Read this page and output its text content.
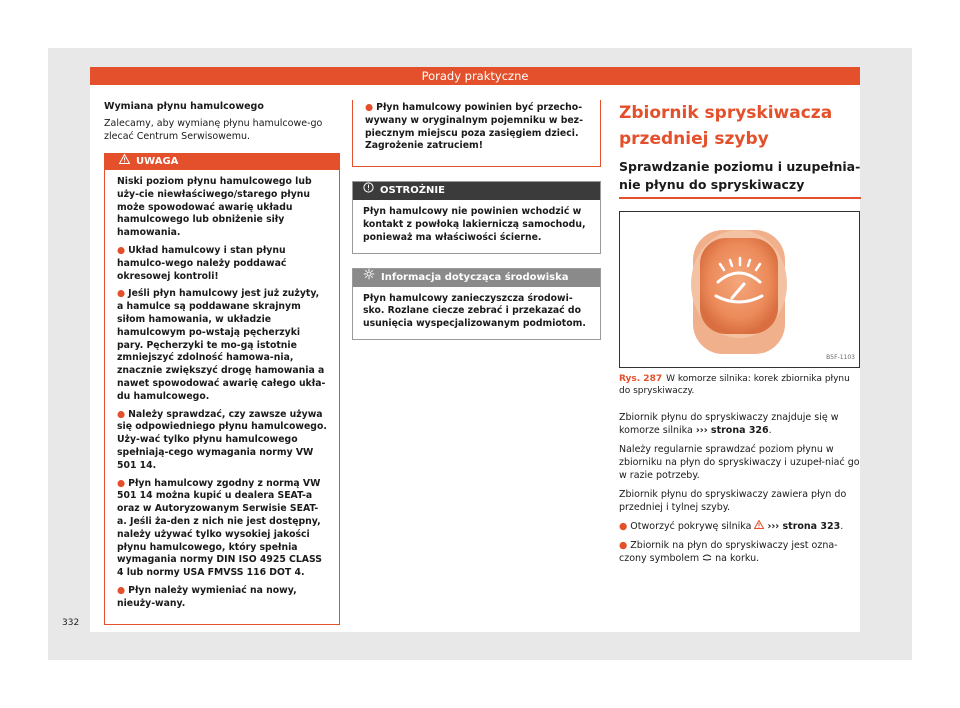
Porady praktyczne

Wymiana płynu hamulcowego

Zalecamy, aby wymianę płynu hamulcowe-go zlecać Centrum Serwisowemu.

UWAGA

Niski poziom płynu hamulcowego lub uży-cie niewłaściwego/starego płynu może spowodować awarię układu hamulcowego lub obniżenie siły hamowania.

● Układ hamulcowy i stan płynu hamulco-wego należy poddawać okresowej kontroli!

● Jeśli płyn hamulcowy jest już zużyty, a hamulce są poddawane skrajnym siłom hamowania, w układzie hamulcowym po-wstają pęcherzyki pary. Pęcherzyki te mo-gą istotnie zmniejszyć zdolność hamowa-nia, znacznie zwiększyć drogę hamowania a nawet spowodować awarię całego ukła-du hamulcowego.

● Należy sprawdzać, czy zawsze używa się odpowiedniego płynu hamulcowego. Uży-wać tylko płynu hamulcowego spełniają-cego wymagania normy VW 501 14.

● Płyn hamulcowy zgodny z normą VW 501 14 można kupić u dealera SEAT-a oraz w Autoryzowanym Serwisie SEAT-a. Jeśli ża-den z nich nie jest dostępny, należy używać tylko wysokiej jakości płynu hamulcowego, który spełnia wymagania normy DIN ISO 4925 CLASS 4 lub normy USA FMVSS 116 DOT 4.

● Płyn należy wymieniać na nowy, nieuży-wany.

● Płyn hamulcowy powinien być przecho-wywany w oryginalnym pojemniku w bez-piecznym miejscu poza zasięgiem dzieci. Zagrożenie zatruciem!

OSTROŻNIE
Płyn hamulcowy nie powinien wchodzić w kontakt z powłoką lakierniczą samochodu, ponieważ ma właściwości ścierne.
Informacja dotycząca środowiska
Płyn hamulcowy zanieczyszcza środowi-sko. Rozlane ciecze zebrać i przekazać do usunięcia wyspecjalizowanym podmiotom.
Zbiornik spryskiwacza
przedniej szyby
Sprawdzanie poziomu i uzupełnia-
nie płynu do spryskiwaczy
B5F-1103
Rys. 287 W komorze silnika: korek zbiornika płynu do spryskiwaczy.

Zbiornik płynu do spryskiwaczy znajduje się w komorze silnika ››› strona 326.

Należy regularnie sprawdzać poziom płynu w zbiorniku na płyn do spryskiwaczy i uzupeł-niać go w razie potrzeby.

Zbiornik płynu do spryskiwaczy zawiera płyn do przedniej i tylnej szyby.

● Otworzyć pokrywę silnika ››› strona 323.

● Zbiornik na płyn do spryskiwaczy jest ozna-czony symbolem na korku.

332
